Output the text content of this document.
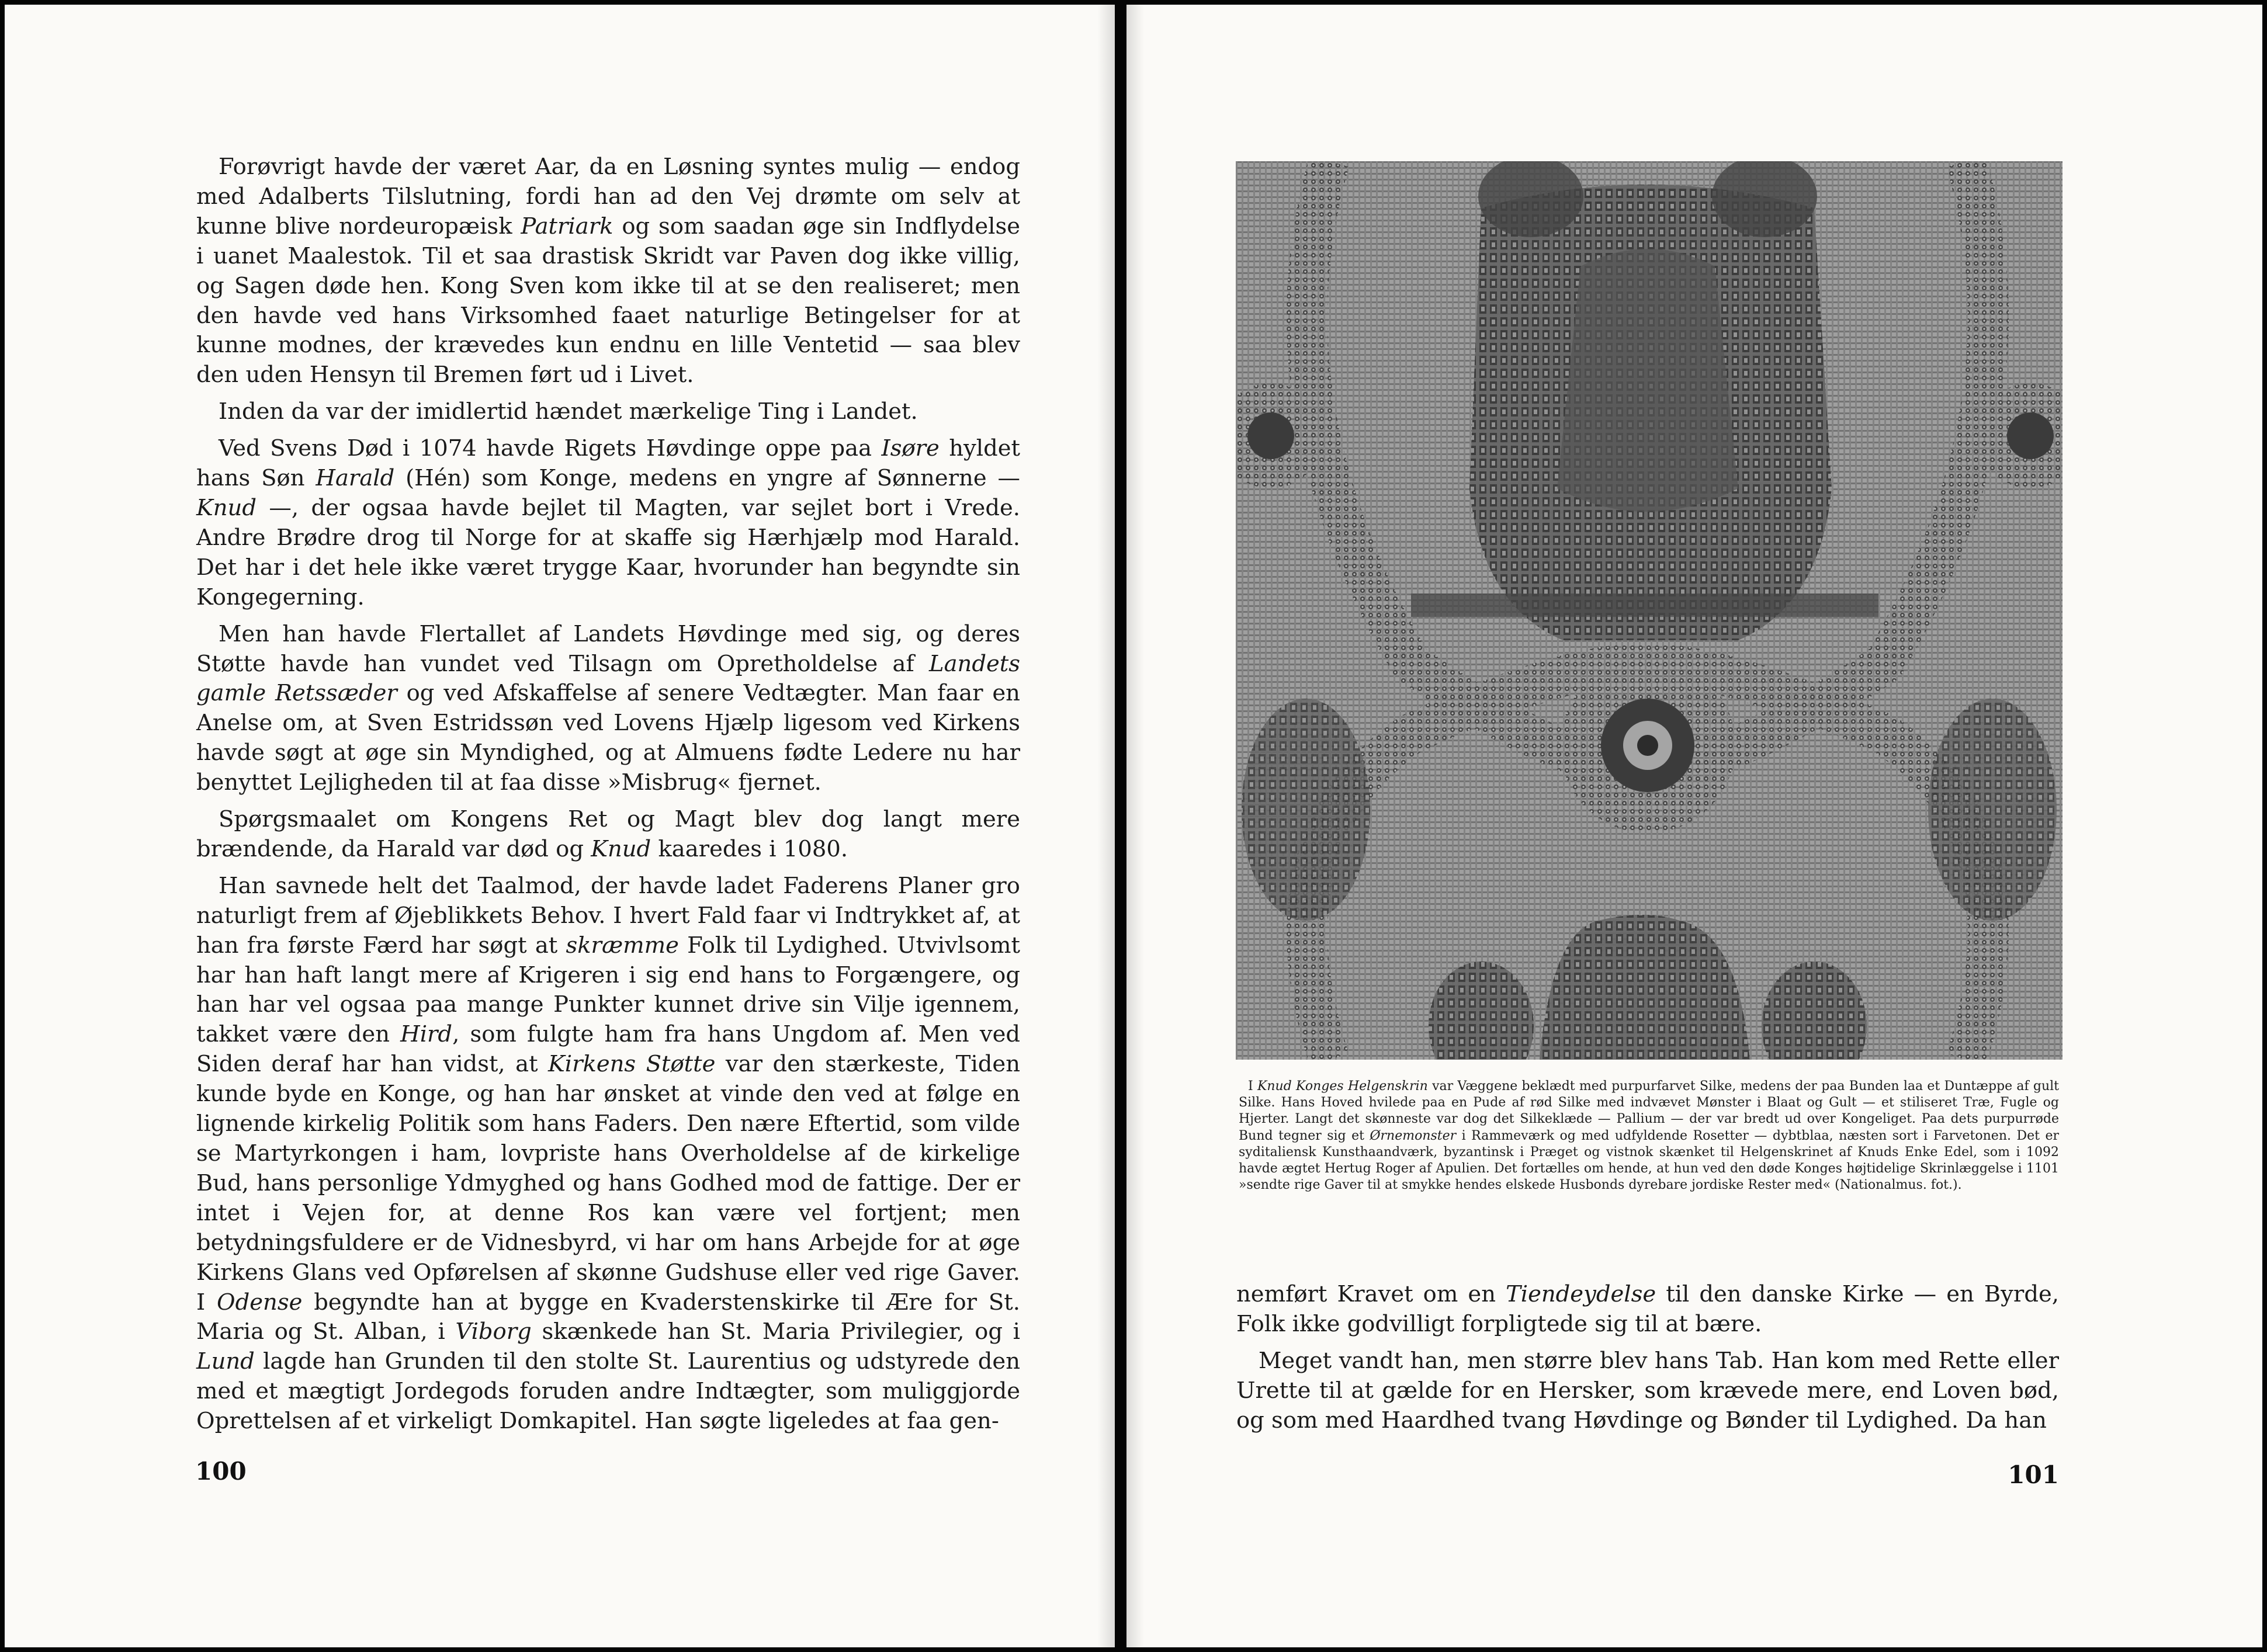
Forøvrigt havde der været Aar, da en Løsning syntes mulig — endog med Adalberts Tilslutning, fordi han ad den Vej drømte om selv at kunne blive nordeuropæisk Patriark og som saadan øge sin Indflydelse i uanet Maalestok. Til et saa drastisk Skridt var Paven dog ikke villig, og Sagen døde hen. Kong Sven kom ikke til at se den realiseret; men den havde ved hans Virksomhed faaet naturlige Betingelser for at kunne modnes, der krævedes kun endnu en lille Ventetid — saa blev den uden Hensyn til Bremen ført ud i Livet.

Inden da var der imidlertid hændet mærkelige Ting i Landet.

Ved Svens Død i 1074 havde Rigets Høvdinge oppe paa Isøre hyldet hans Søn Harald (Hén) som Konge, medens en yngre af Sønnerne — Knud —, der ogsaa havde bejlet til Magten, var sejlet bort i Vrede. Andre Brødre drog til Norge for at skaffe sig Hærhjælp mod Harald. Det har i det hele ikke været trygge Kaar, hvorunder han begyndte sin Kongegerning.

Men han havde Flertallet af Landets Høvdinge med sig, og deres Støtte havde han vundet ved Tilsagn om Opretholdelse af Landets gamle Retssæder og ved Afskaffelse af senere Vedtægter. Man faar en Anelse om, at Sven Estridssøn ved Lovens Hjælp ligesom ved Kirkens havde søgt at øge sin Myndighed, og at Almuens fødte Ledere nu har benyttet Lejligheden til at faa disse »Misbrug« fjernet.

Spørgsmaalet om Kongens Ret og Magt blev dog langt mere brændende, da Harald var død og Knud kaaredes i 1080.

Han savnede helt det Taalmod, der havde ladet Faderens Planer gro naturligt frem af Øjeblikkets Behov. I hvert Fald faar vi Indtrykket af, at han fra første Færd har søgt at skræmme Folk til Lydighed. Utvivlsomt har han haft langt mere af Krigeren i sig end hans to Forgængere, og han har vel ogsaa paa mange Punkter kunnet drive sin Vilje igennem, takket være den Hird, som fulgte ham fra hans Ungdom af. Men ved Siden deraf har han vidst, at Kirkens Støtte var den stærkeste, Tiden kunde byde en Konge, og han har ønsket at vinde den ved at følge en lignende kirkelig Politik som hans Faders. Den nære Eftertid, som vilde se Martyrkongen i ham, lovpriste hans Overholdelse af de kirkelige Bud, hans personlige Ydmyghed og hans Godhed mod de fattige. Der er intet i Vejen for, at denne Ros kan være vel fortjent; men betydningsfuldere er de Vidnesbyrd, vi har om hans Arbejde for at øge Kirkens Glans ved Opførelsen af skønne Gudshuse eller ved rige Gaver. I Odense begyndte han at bygge en Kvaderstenskirke til Ære for St. Maria og St. Alban, i Viborg skænkede han St. Maria Privilegier, og i Lund lagde han Grunden til den stolte St. Laurentius og udstyrede den med et mægtigt Jordegods foruden andre Indtægter, som muliggjorde Oprettelsen af et virkeligt Domkapitel. Han søgte ligeledes at faa gen-

100
I Knud Konges Helgenskrin var Væggene beklædt med purpurfarvet Silke, medens der paa Bunden laa et Duntæppe af gult Silke. Hans Hoved hvilede paa en Pude af rød Silke med indvævet Mønster i Blaat og Gult — et stiliseret Træ, Fugle og Hjerter. Langt det skønneste var dog det Silkeklæde — Pallium — der var bredt ud over Kongeliget. Paa dets purpurrøde Bund tegner sig et Ørnemonster i Rammeværk og med udfyldende Rosetter — dybtblaa, næsten sort i Farvetonen. Det er syditaliensk Kunsthaandværk, byzantinsk i Præget og vistnok skænket til Helgenskrinet af Knuds Enke Edel, som i 1092 havde ægtet Hertug Roger af Apulien. Det fortælles om hende, at hun ved den døde Konges højtidelige Skrinlæggelse i 1101 »sendte rige Gaver til at smykke hendes elskede Husbonds dyrebare jordiske Rester med« (Nationalmus. fot.).

nemført Kravet om en Tiendeydelse til den danske Kirke — en Byrde, Folk ikke godvilligt forpligtede sig til at bære.

Meget vandt han, men større blev hans Tab. Han kom med Rette eller Urette til at gælde for en Hersker, som krævede mere, end Loven bød, og som med Haardhed tvang Høvdinge og Bønder til Lydighed. Da han

101
